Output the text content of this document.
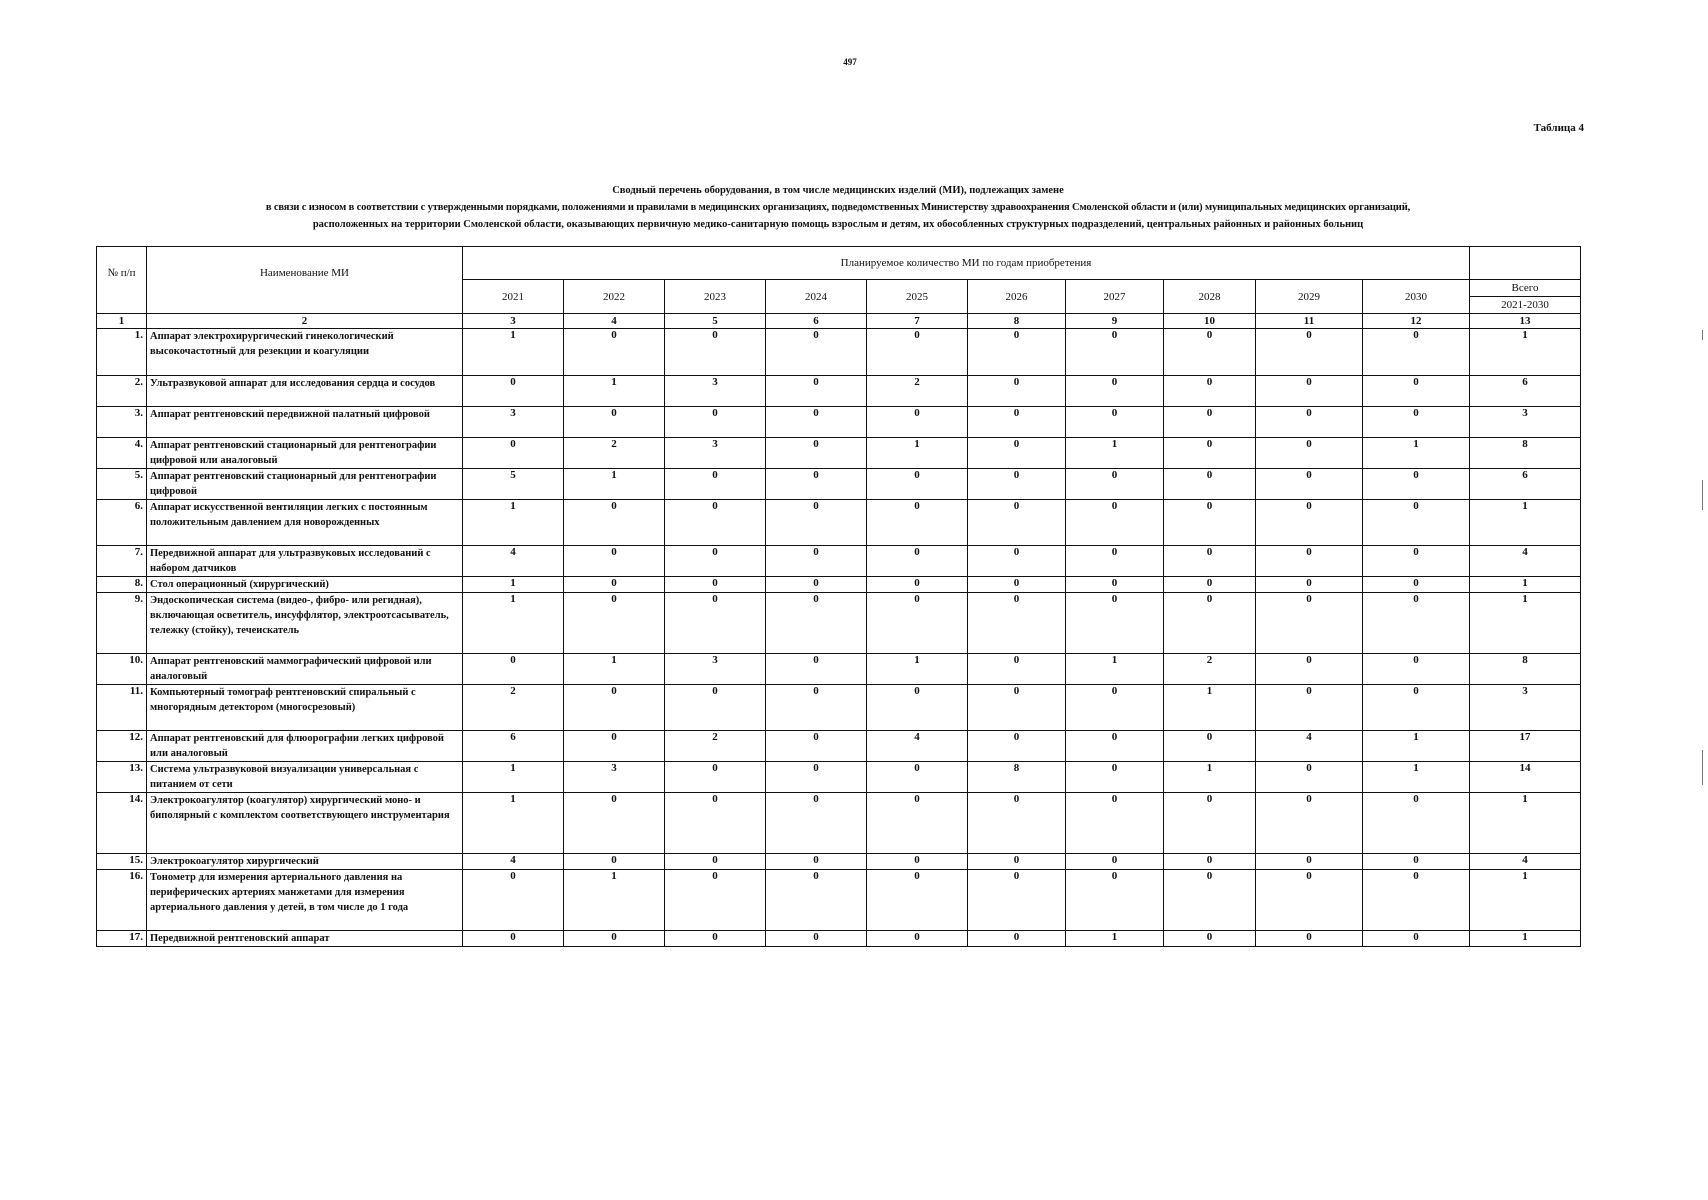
497
Таблица 4
Сводный перечень оборудования, в том числе медицинских изделий (МИ), подлежащих замене
в связи с износом в соответствии с утвержденными порядками, положениями и правилами в медицинских организациях, подведомственных Министерству здравоохранения Смоленской области и (или) муниципальных медицинских организаций,
расположенных на территории Смоленской области, оказывающих первичную медико-санитарную помощь взрослым и детям, их обособленных структурных подразделений, центральных районных и районных больниц
№ п/п	Наименование МИ	Планируемое количество МИ по годам приобретения										
		2021	2022	2023	2024	2025	2026	2027	2028	2029	2030	Всего
2021-2030

1	2	3	4	5	6	7	8	9	10	11	12	13
1.	Аппарат электрохирургический гинекологический высокочастотный для резекции и коагуляции	1	0	0	0	0	0	0	0	0	0	1
2.	Ультразвуковой аппарат для исследования сердца и сосудов	0	1	3	0	2	0	0	0	0	0	6
3.	Аппарат рентгеновский передвижной палатный цифровой	3	0	0	0	0	0	0	0	0	0	3
4.	Аппарат рентгеновский стационарный для рентгенографии цифровой или аналоговый	0	2	3	0	1	0	1	0	0	1	8
5.	Аппарат рентгеновский стационарный для рентгенографии цифровой	5	1	0	0	0	0	0	0	0	0	6
6.	Аппарат искусственной вентиляции легких с постоянным положительным давлением для новорожденных	1	0	0	0	0	0	0	0	0	0	1
7.	Передвижной аппарат для ультразвуковых исследований с набором датчиков	4	0	0	0	0	0	0	0	0	0	4
8.	Стол операционный (хирургический)	1	0	0	0	0	0	0	0	0	0	1
9.	Эндоскопическая система (видео-, фибро- или регидная), включающая осветитель, инсуффлятор, электроотсасыватель, тележку (стойку), течеискатель	1	0	0	0	0	0	0	0	0	0	1
10.	Аппарат рентгеновский маммографический цифровой или аналоговый	0	1	3	0	1	0	1	2	0	0	8
11.	Компьютерный томограф рентгеновский спиральный с многорядным детектором (многосрезовый)	2	0	0	0	0	0	0	1	0	0	3
12.	Аппарат рентгеновский для флюорографии легких цифровой или аналоговый	6	0	2	0	4	0	0	0	4	1	17
13.	Система ультразвуковой визуализации универсальная с питанием от сети	1	3	0	0	0	8	0	1	0	1	14
14.	Электрокоагулятор (коагулятор) хирургический моно- и биполярный с комплектом соответствующего инструментария	1	0	0	0	0	0	0	0	0	0	1
15.	Электрокоагулятор хирургический	4	0	0	0	0	0	0	0	0	0	4
16.	Тонометр для измерения артериального давления на периферических артериях манжетами для измерения артериального давления у детей, в том числе до 1 года	0	1	0	0	0	0	0	0	0	0	1
17.	Передвижной рентгеновский аппарат	0	0	0	0	0	0	1	0	0	0	1
